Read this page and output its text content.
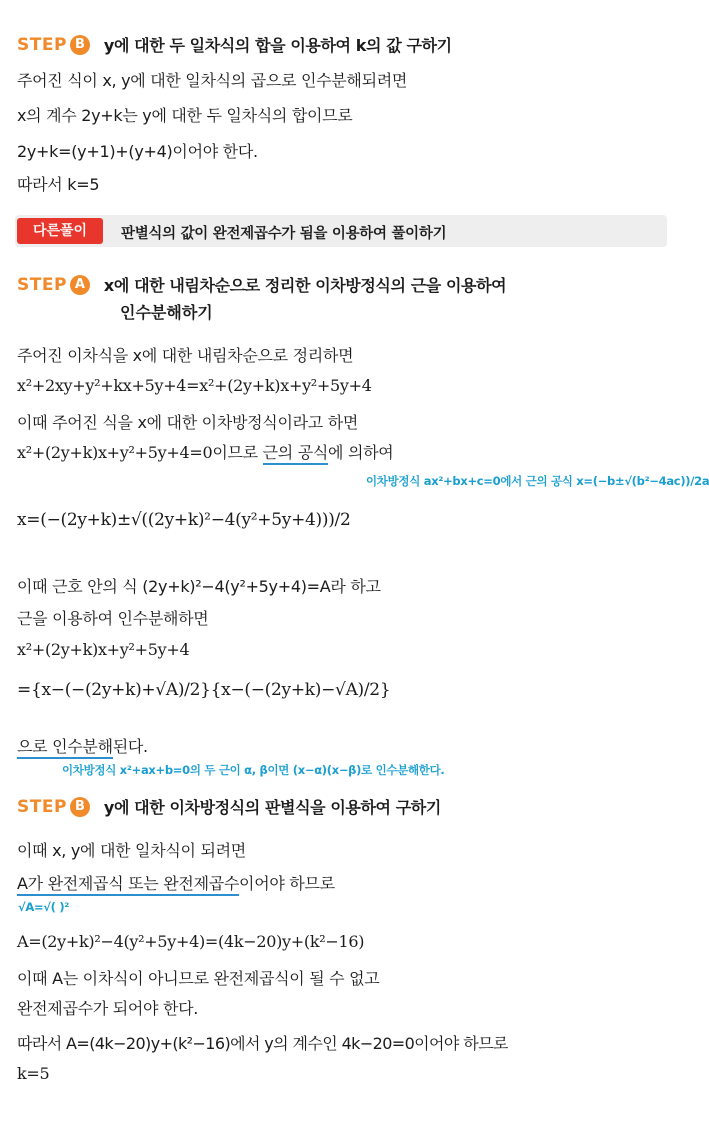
STEP B	y에 대한 두 일차식의 합을 이용하여 k의 값 구하기
주어진 식이 x, y에 대한 일차식의 곱으로 인수분해되려면
x의 계수 2y+k는 y에 대한 두 일차식의 합이므로
2y+k=(y+1)+(y+4)이어야 한다.
따라서 k=5
다른풀이	판별식의 값이 완전제곱수가 됨을 이용하여 풀이하기
STEP A	x에 대한 내림차순으로 정리한 이차방정식의 근을 이용하여
인수분해하기
주어진 이차식을 x에 대한 내림차순으로 정리하면
x²+2xy+y²+kx+5y+4=x²+(2y+k)x+y²+5y+4
이때 주어진 식을 x에 대한 이차방정식이라고 하면
x²+(2y+k)x+y²+5y+4=0이므로 근의 공식에 의하여
이차방정식 ax²+bx+c=0에서 근의 공식 x=(−b±√(b²−4ac))/2a
x=(−(2y+k)±√((2y+k)²−4(y²+5y+4)))/2
이때 근호 안의 식 (2y+k)²−4(y²+5y+4)=A라 하고
근을 이용하여 인수분해하면
x²+(2y+k)x+y²+5y+4
={x−(−(2y+k)+√A)/2}{x−(−(2y+k)−√A)/2}
으로 인수분해된다.
이차방정식 x²+ax+b=0의 두 근이 α, β이면 (x−α)(x−β)로 인수분해한다.
STEP B	y에 대한 이차방정식의 판별식을 이용하여 구하기
이때 x, y에 대한 일차식이 되려면
A가 완전제곱식 또는 완전제곱수이어야 하므로
√A=√( )²
A=(2y+k)²−4(y²+5y+4)=(4k−20)y+(k²−16)
이때 A는 이차식이 아니므로 완전제곱식이 될 수 없고
완전제곱수가 되어야 한다.
따라서 A=(4k−20)y+(k²−16)에서 y의 계수인 4k−20=0이어야 하므로
k=5
